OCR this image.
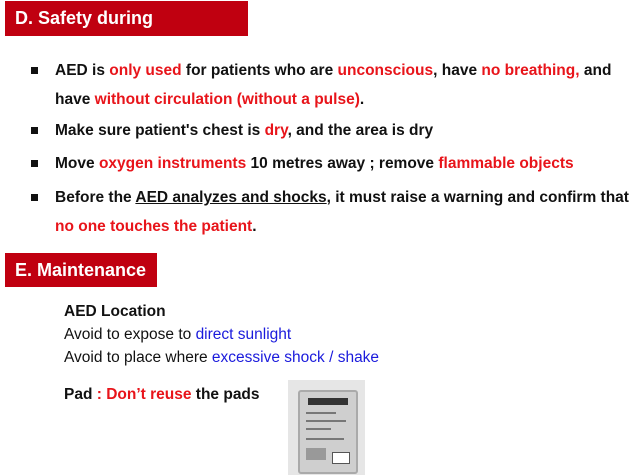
D. Safety during operation
AED is only used for patients who are unconscious, have no breathing, and have without circulation (without a pulse).
Make sure patient's chest is dry, and the area is dry
Move oxygen instruments 10 metres away ; remove flammable objects
Before the AED analyzes and shocks, it must raise a warning and confirm that no one touches the patient.
E. Maintenance
AED Location
Avoid to expose to direct sunlight
Avoid to place where excessive shock / shake
Pad : Don’t reuse the pads
